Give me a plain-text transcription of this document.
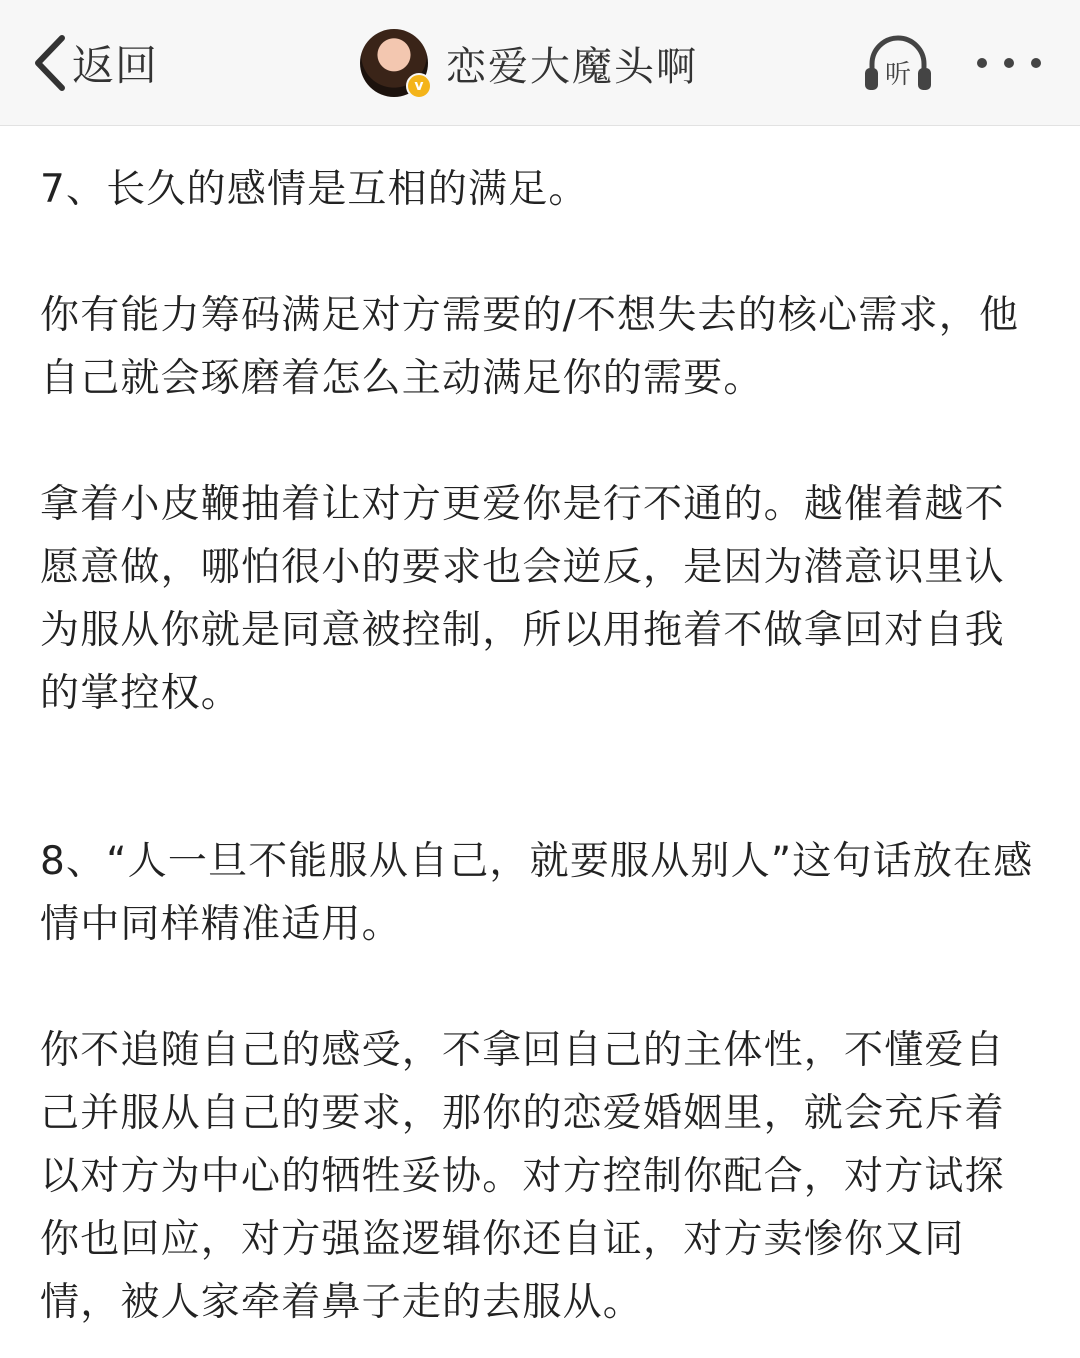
返回	v 恋爱大魔头啊	听

7、长久的感情是互相的满足。

你有能力筹码满足对方需要的/不想失去的核心需求，他自己就会琢磨着怎么主动满足你的需要。

拿着小皮鞭抽着让对方更爱你是行不通的。越催着越不愿意做，哪怕很小的要求也会逆反，是因为潜意识里认为服从你就是同意被控制，所以用拖着不做拿回对自我的掌控权。

8、“人一旦不能服从自己，就要服从别人”这句话放在感情中同样精准适用。

你不追随自己的感受，不拿回自己的主体性，不懂爱自己并服从自己的要求，那你的恋爱婚姻里，就会充斥着以对方为中心的牺牲妥协。对方控制你配合，对方试探你也回应，对方强盗逻辑你还自证，对方卖惨你又同情，被人家牵着鼻子走的去服从。
